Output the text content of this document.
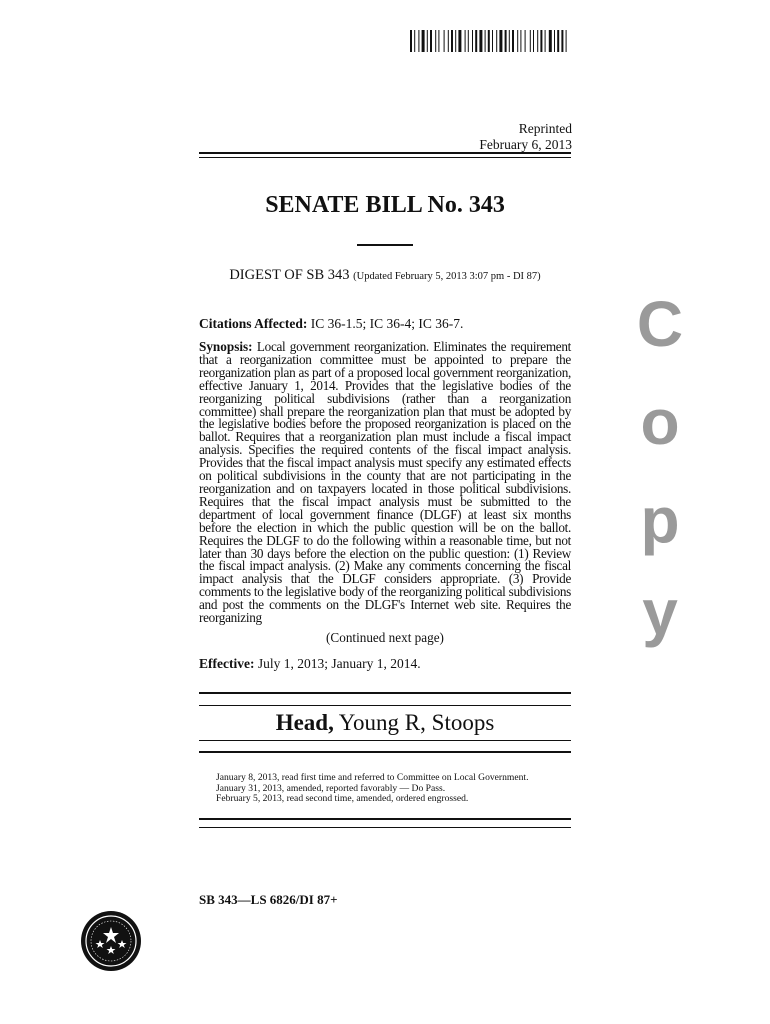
Reprinted
February 6, 2013
SENATE BILL No. 343
DIGEST OF SB 343 (Updated February 5, 2013 3:07 pm - DI 87)
Citations Affected: IC 36-1.5; IC 36-4; IC 36-7.
Synopsis: Local government reorganization. Eliminates the requirement that a reorganization committee must be appointed to prepare the reorganization plan as part of a proposed local government reorganization, effective January 1, 2014. Provides that the legislative bodies of the reorganizing political subdivisions (rather than a reorganization committee) shall prepare the reorganization plan that must be adopted by the legislative bodies before the proposed reorganization is placed on the ballot. Requires that a reorganization plan must include a fiscal impact analysis. Specifies the required contents of the fiscal impact analysis. Provides that the fiscal impact analysis must specify any estimated effects on political subdivisions in the county that are not participating in the reorganization and on taxpayers located in those political subdivisions. Requires that the fiscal impact analysis must be submitted to the department of local government finance (DLGF) at least six months before the election in which the public question will be on the ballot. Requires the DLGF to do the following within a reasonable time, but not later than 30 days before the election on the public question: (1) Review the fiscal impact analysis. (2) Make any comments concerning the fiscal impact analysis that the DLGF considers appropriate. (3) Provide comments to the legislative body of the reorganizing political subdivisions and post the comments on the DLGF's Internet web site. Requires the reorganizing
(Continued next page)
Effective: July 1, 2013; January 1, 2014.
Head, Young R, Stoops
January 8, 2013, read first time and referred to Committee on Local Government.
January 31, 2013, amended, reported favorably — Do Pass.
February 5, 2013, read second time, amended, ordered engrossed.
SB 343—LS 6826/DI 87+
C
o
p
y
